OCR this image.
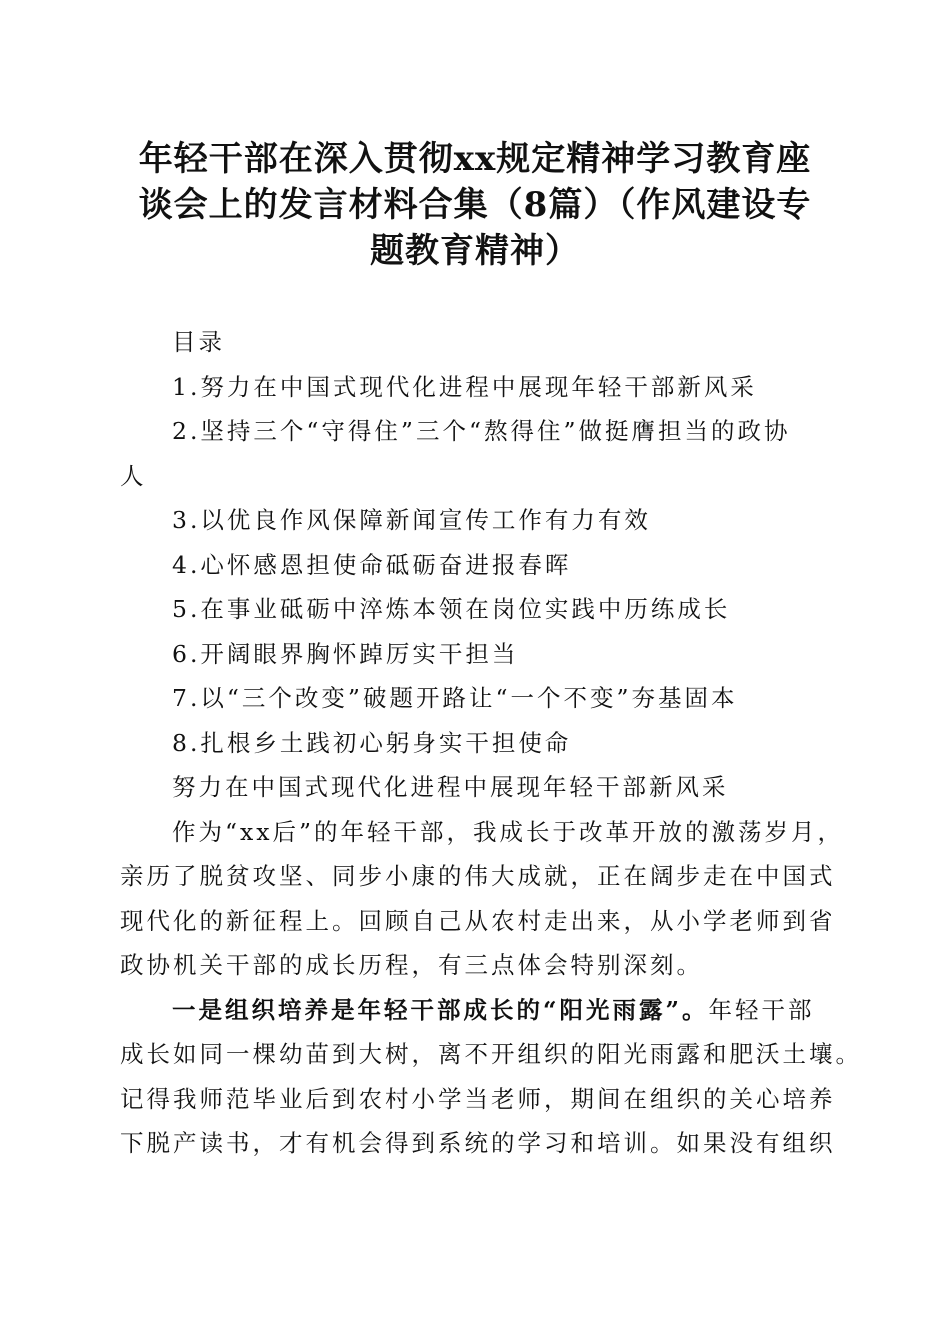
年轻干部在深入贯彻xx规定精神学习教育座
谈会上的发言材料合集（8篇）（作风建设专
题教育精神）
目录
1.努力在中国式现代化进程中展现年轻干部新风采
2.坚持三个“守得住”三个“熬得住”做挺膺担当的政协
人
3.以优良作风保障新闻宣传工作有力有效
4.心怀感恩担使命砥砺奋进报春晖
5.在事业砥砺中淬炼本领在岗位实践中历练成长
6.开阔眼界胸怀踔厉实干担当
7.以“三个改变”破题开路让“一个不变”夯基固本
8.扎根乡土践初心躬身实干担使命
努力在中国式现代化进程中展现年轻干部新风采
作为“xx后”的年轻干部，我成长于改革开放的激荡岁月，
亲历了脱贫攻坚、同步小康的伟大成就，正在阔步走在中国式
现代化的新征程上。回顾自己从农村走出来，从小学老师到省
政协机关干部的成长历程，有三点体会特别深刻。
一是组织培养是年轻干部成长的“阳光雨露”。年轻干部
成长如同一棵幼苗到大树，离不开组织的阳光雨露和肥沃土壤。
记得我师范毕业后到农村小学当老师，期间在组织的关心培养
下脱产读书，才有机会得到系统的学习和培训。如果没有组织
